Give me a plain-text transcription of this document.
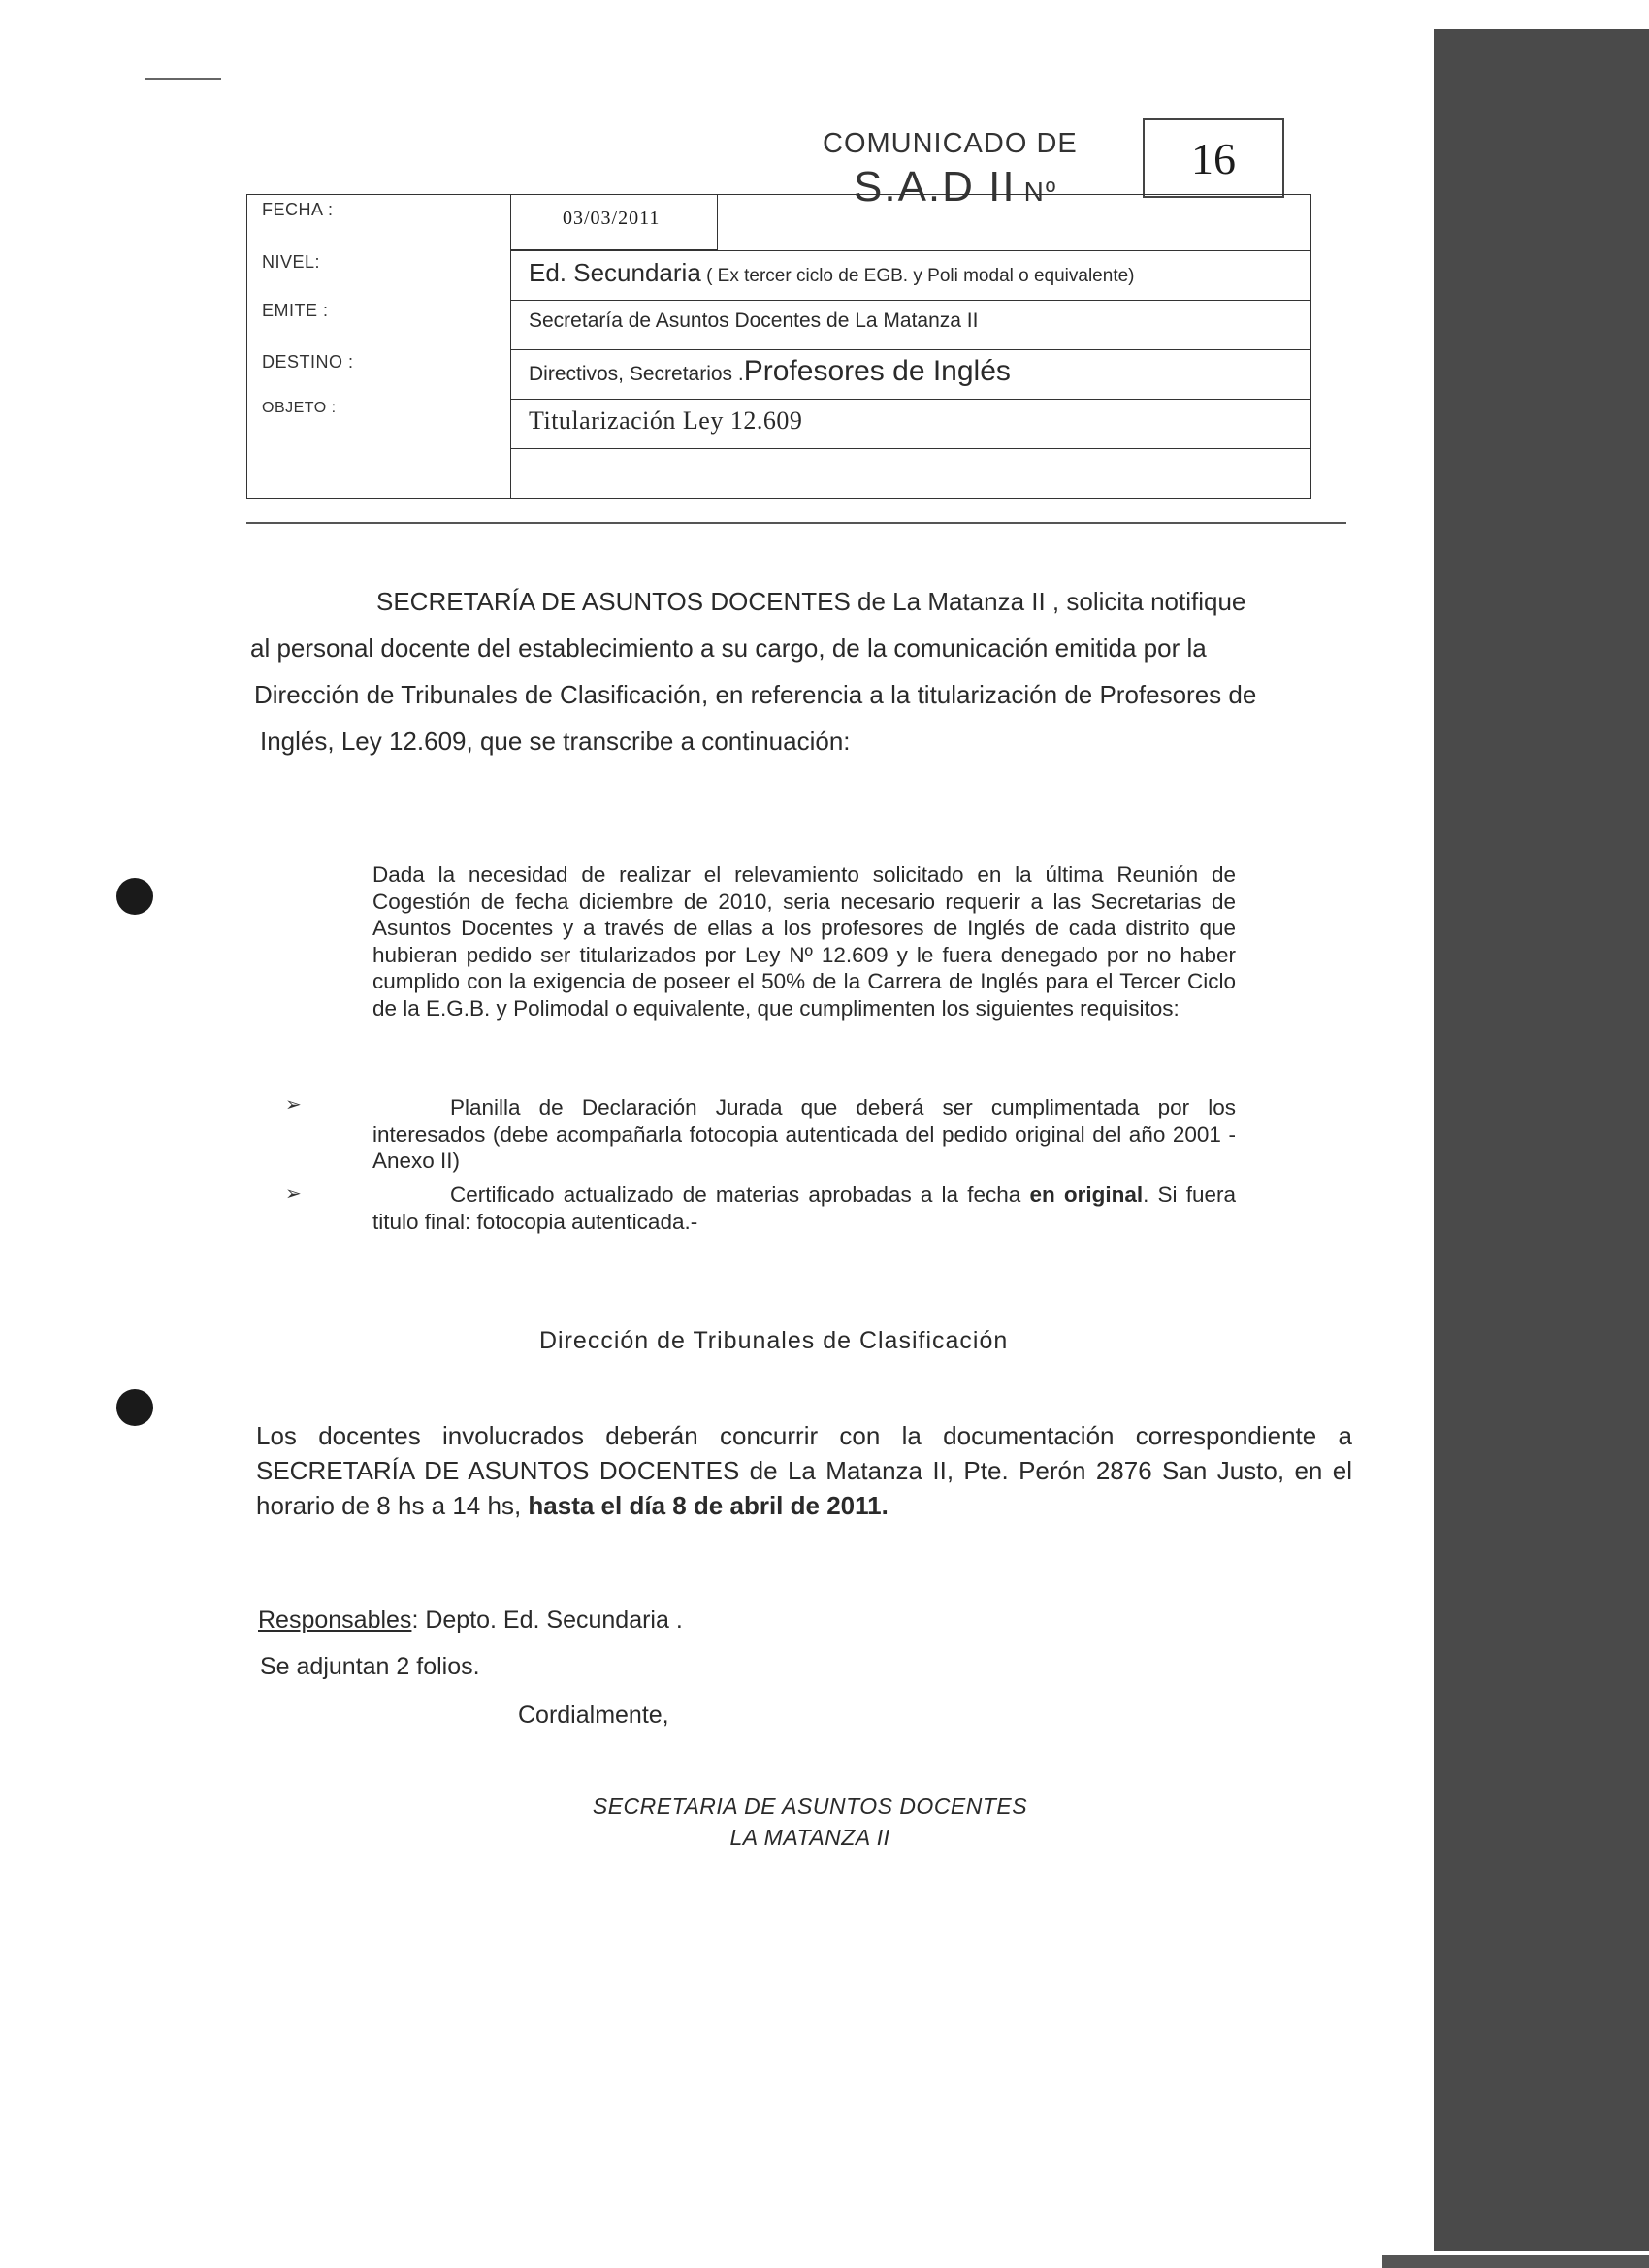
COMUNICADO DE
S.A.D II Nº
16
FECHA :
NIVEL:
EMITE :
DESTINO :
OBJETO :
03/03/2011
Ed. Secundaria ( Ex tercer ciclo de EGB. y Poli modal o equivalente)
Secretaría de Asuntos Docentes de La Matanza II
Directivos, Secretarios .Profesores de Inglés
Titularización Ley 12.609

SECRETARÍA DE ASUNTOS DOCENTES de La Matanza II , solicita notifique

al personal docente del establecimiento a su cargo, de la comunicación emitida por la

Dirección de Tribunales de Clasificación, en referencia a la titularización de Profesores de

Inglés, Ley 12.609, que se transcribe a continuación:

Dada la necesidad de realizar el relevamiento solicitado en la última Reunión de Cogestión de fecha diciembre de 2010, seria necesario requerir a las Secretarias de Asuntos Docentes y a través de ellas a los profesores de Inglés de cada distrito que hubieran pedido ser titularizados por Ley Nº 12.609 y le fuera denegado por no haber cumplido con la exigencia de poseer el 50% de la Carrera de Inglés para el Tercer Ciclo de la E.G.B. y Polimodal o equivalente, que cumplimenten los siguientes requisitos:
➢	Planilla de Declaración Jurada que deberá ser cumplimentada por los interesados (debe acompañarla fotocopia autenticada del pedido original del año 2001 - Anexo II)
➢	Certificado actualizado de materias aprobadas a la fecha en original. Si fuera titulo final: fotocopia autenticada.-
Dirección de Tribunales de Clasificación
Los docentes involucrados deberán concurrir con la documentación correspondiente a SECRETARÍA DE ASUNTOS DOCENTES de La Matanza II, Pte. Perón 2876 San Justo, en el horario de 8 hs a 14 hs, hasta el día 8 de abril de 2011.
Responsables: Depto. Ed. Secundaria .
Se adjuntan 2 folios.
Cordialmente,
SECRETARIA DE ASUNTOS DOCENTES
LA MATANZA II
